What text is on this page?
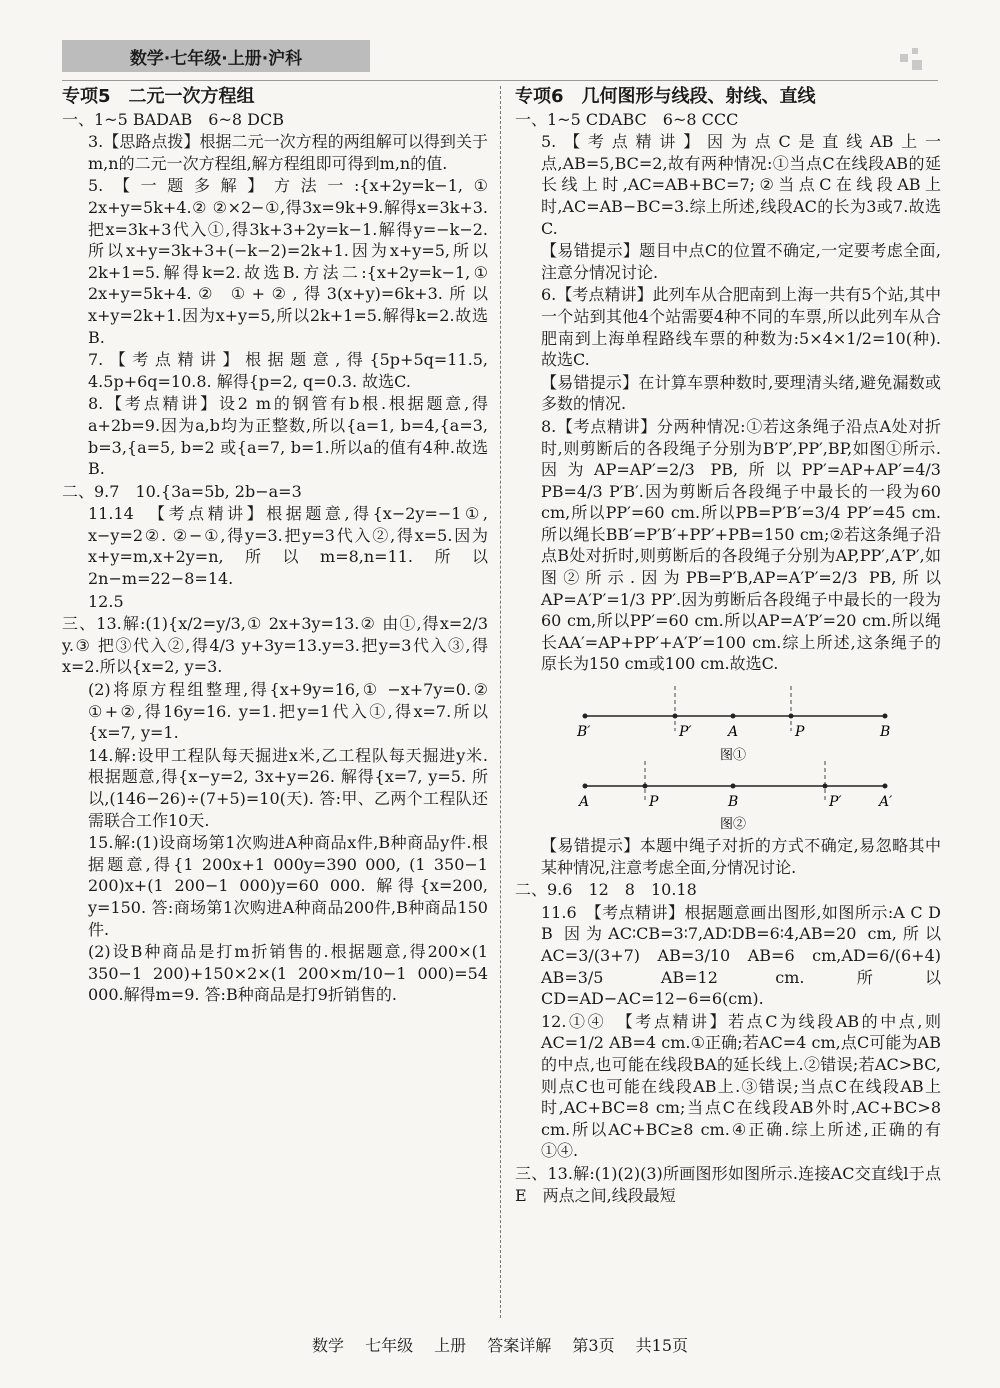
数学·七年级·上册·沪科

专项5　二元一次方程组

一、1~5 BADAB　6~8 DCB

3.【思路点拨】根据二元一次方程的两组解可以得到关于m,n的二元一次方程组,解方程组即可得到m,n的值.

5.【一题多解】方法一:{x+2y=k−1,① 2x+y=5k+4.② ②×2−①,得3x=9k+9.解得x=3k+3.把x=3k+3代入①,得3k+3+2y=k−1.解得y=−k−2.所以x+y=3k+3+(−k−2)=2k+1.因为x+y=5,所以2k+1=5.解得k=2.故选B.方法二:{x+2y=k−1,① 2x+y=5k+4.② ①+②,得3(x+y)=6k+3.所以x+y=2k+1.因为x+y=5,所以2k+1=5.解得k=2.故选B.

7.【考点精讲】根据题意,得{5p+5q=11.5, 4.5p+6q=10.8. 解得{p=2, q=0.3. 故选C.

8.【考点精讲】设2 m的钢管有b根.根据题意,得a+2b=9.因为a,b均为正整数,所以{a=1, b=4,{a=3, b=3,{a=5, b=2 或{a=7, b=1.所以a的值有4种.故选B.

二、9.7　10.{3a=5b, 2b−a=3

11.14　【考点精讲】根据题意,得{x−2y=−1①, x−y=2②. ②−①,得y=3.把y=3代入②,得x=5.因为x+y=m,x+2y=n,所以m=8,n=11.所以2n−m=22−8=14.

12.5

三、13.解:(1){x/2=y/3,① 2x+3y=13.② 由①,得x=2/3 y.③ 把③代入②,得4/3 y+3y=13.y=3.把y=3代入③,得x=2.所以{x=2, y=3.

(2)将原方程组整理,得{x+9y=16,① −x+7y=0.② ①+②,得16y=16. y=1.把y=1代入①,得x=7.所以{x=7, y=1.

14.解:设甲工程队每天掘进x米,乙工程队每天掘进y米. 根据题意,得{x−y=2, 3x+y=26. 解得{x=7, y=5. 所以,(146−26)÷(7+5)=10(天). 答:甲、乙两个工程队还需联合工作10天.

15.解:(1)设商场第1次购进A种商品x件,B种商品y件.根据题意,得{1 200x+1 000y=390 000, (1 350−1 200)x+(1 200−1 000)y=60 000. 解得{x=200, y=150. 答:商场第1次购进A种商品200件,B种商品150件.

(2)设B种商品是打m折销售的.根据题意,得200×(1 350−1 200)+150×2×(1 200×m/10−1 000)=54 000.解得m=9. 答:B种商品是打9折销售的.

专项6　几何图形与线段、射线、直线

一、1~5 CDABC　6~8 CCC

5.【考点精讲】因为点C是直线AB上一点,AB=5,BC=2,故有两种情况:①当点C在线段AB的延长线上时,AC=AB+BC=7;②当点C在线段AB上时,AC=AB−BC=3.综上所述,线段AC的长为3或7.故选C.

【易错提示】题目中点C的位置不确定,一定要考虑全面,注意分情况讨论.

6.【考点精讲】此列车从合肥南到上海一共有5个站,其中一个站到其他4个站需要4种不同的车票,所以此列车从合肥南到上海单程路线车票的种数为:5×4×1/2=10(种).故选C.

【易错提示】在计算车票种数时,要理清头绪,避免漏数或多数的情况.

8.【考点精讲】分两种情况:①若这条绳子沿点A处对折时,则剪断后的各段绳子分别为B′P′,PP′,BP,如图①所示.因为AP=AP′=2/3 PB,所以PP′=AP+AP′=4/3 PB=4/3 P′B′.因为剪断后各段绳子中最长的一段为60 cm,所以PP′=60 cm.所以PB=P′B′=3/4 PP′=45 cm.所以绳长BB′=P′B′+PP′+PB=150 cm;②若这条绳子沿点B处对折时,则剪断后的各段绳子分别为AP,PP′,A′P′,如图②所示.因为PB=P′B,AP=A′P′=2/3 PB,所以AP=A′P′=1/3 PP′.因为剪断后各段绳子中最长的一段为60 cm,所以PP′=60 cm.所以AP=A′P′=20 cm.所以绳长AA′=AP+PP′+A′P′=100 cm.综上所述,这条绳子的原长为150 cm或100 cm.故选C.

B′	P′	A	P	B
图①
A	P	B	P′	A′
图②

【易错提示】本题中绳子对折的方式不确定,易忽略其中某种情况,注意考虑全面,分情况讨论.

二、9.6　12　8　10.18

11.6　【考点精讲】根据题意画出图形,如图所示:A C D B 因为AC∶CB=3∶7,AD∶DB=6∶4,AB=20 cm,所以AC=3/(3+7) AB=3/10 AB=6 cm,AD=6/(6+4) AB=3/5 AB=12 cm.所以CD=AD−AC=12−6=6(cm).

12.①④　【考点精讲】若点C为线段AB的中点,则AC=1/2 AB=4 cm.①正确;若AC=4 cm,点C可能为AB的中点,也可能在线段BA的延长线上.②错误;若AC>BC,则点C也可能在线段AB上.③错误;当点C在线段AB上时,AC+BC=8 cm;当点C在线段AB外时,AC+BC>8 cm.所以AC+BC≥8 cm.④正确.综上所述,正确的有①④.

三、13.解:(1)(2)(3)所画图形如图所示.连接AC交直线l于点E　两点之间,线段最短

数学 七年级 上册 答案详解 第3页 共15页
